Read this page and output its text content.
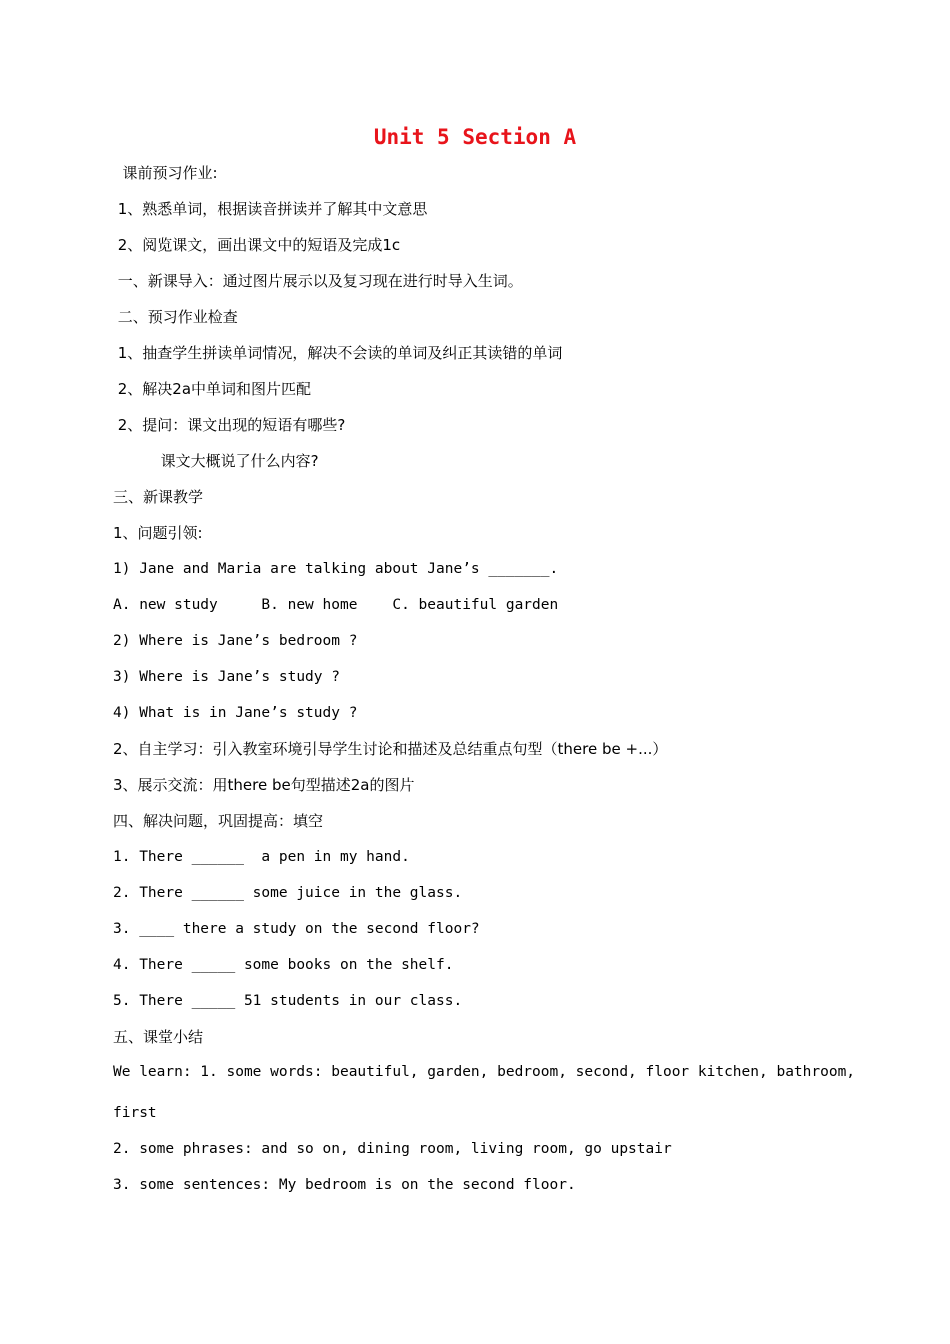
Unit 5 Section A
课前预习作业:
1、熟悉单词，根据读音拼读并了解其中文意思
2、阅览课文，画出课文中的短语及完成1c
一、新课导入：通过图片展示以及复习现在进行时导入生词。
二、预习作业检查
1、抽查学生拼读单词情况，解决不会读的单词及纠正其读错的单词
2、解决2a中单词和图片匹配
2、提问：课文出现的短语有哪些?
课文大概说了什么内容?
三、新课教学
1、问题引领:
1) Jane and Maria are talking about Jane’s _______.
A. new study     B. new home    C. beautiful garden
2) Where is Jane’s bedroom ?
3) Where is Jane’s study ?
4) What is in Jane’s study ?
2、自主学习：引入教室环境引导学生讨论和描述及总结重点句型（there be +...）
3、展示交流：用there be句型描述2a的图片
四、解决问题，巩固提高：填空
1. There ______  a pen in my hand.
2. There ______ some juice in the glass.
3. ____ there a study on the second floor?
4. There _____ some books on the shelf.
5. There _____ 51 students in our class.
五、课堂小结
We learn: 1. some words: beautiful, garden, bedroom, second, floor kitchen, bathroom,
first
2. some phrases: and so on, dining room, living room, go upstair
3. some sentences: My bedroom is on the second floor.
